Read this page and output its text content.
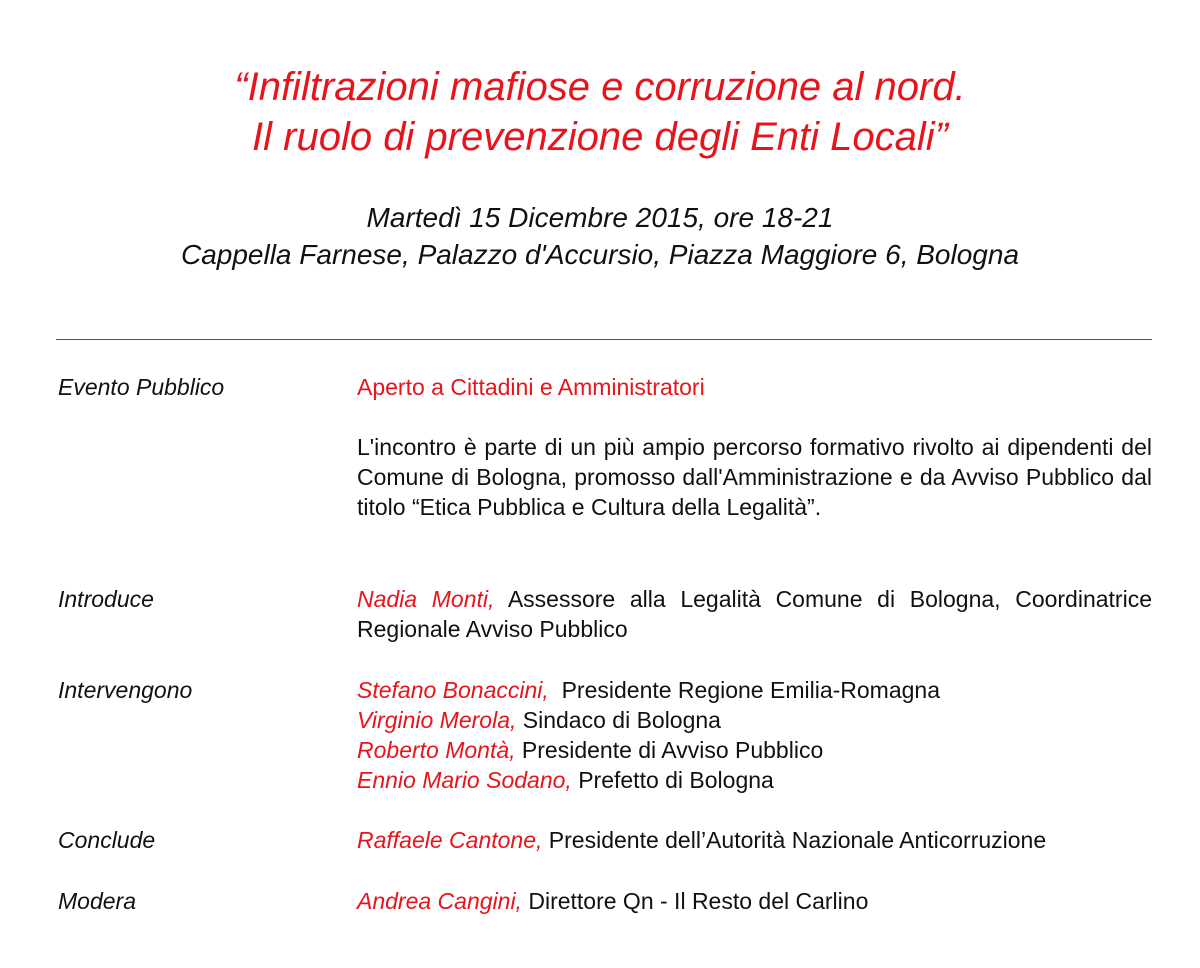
“Infiltrazioni mafiose e corruzione al nord.
Il ruolo di prevenzione degli Enti Locali”
Martedì 15 Dicembre 2015, ore 18-21
Cappella Farnese, Palazzo d'Accursio, Piazza Maggiore 6, Bologna
Evento Pubblico	Aperto a Cittadini e Amministratori
L'incontro è parte di un più ampio percorso formativo rivolto ai dipendenti del Comune di Bologna, promosso dall'Amministrazione e da Avviso Pubblico dal titolo “Etica Pubblica e Cultura della Legalità”.
Introduce	Nadia Monti, Assessore alla Legalità Comune di Bologna, Coordinatrice Regionale Avviso Pubblico
Intervengono	Stefano Bonaccini, Presidente Regione Emilia-Romagna
Virginio Merola, Sindaco di Bologna
Roberto Montà, Presidente di Avviso Pubblico
Ennio Mario Sodano, Prefetto di Bologna
Conclude	Raffaele Cantone, Presidente dell’Autorità Nazionale Anticorruzione
Modera	Andrea Cangini, Direttore Qn - Il Resto del Carlino
